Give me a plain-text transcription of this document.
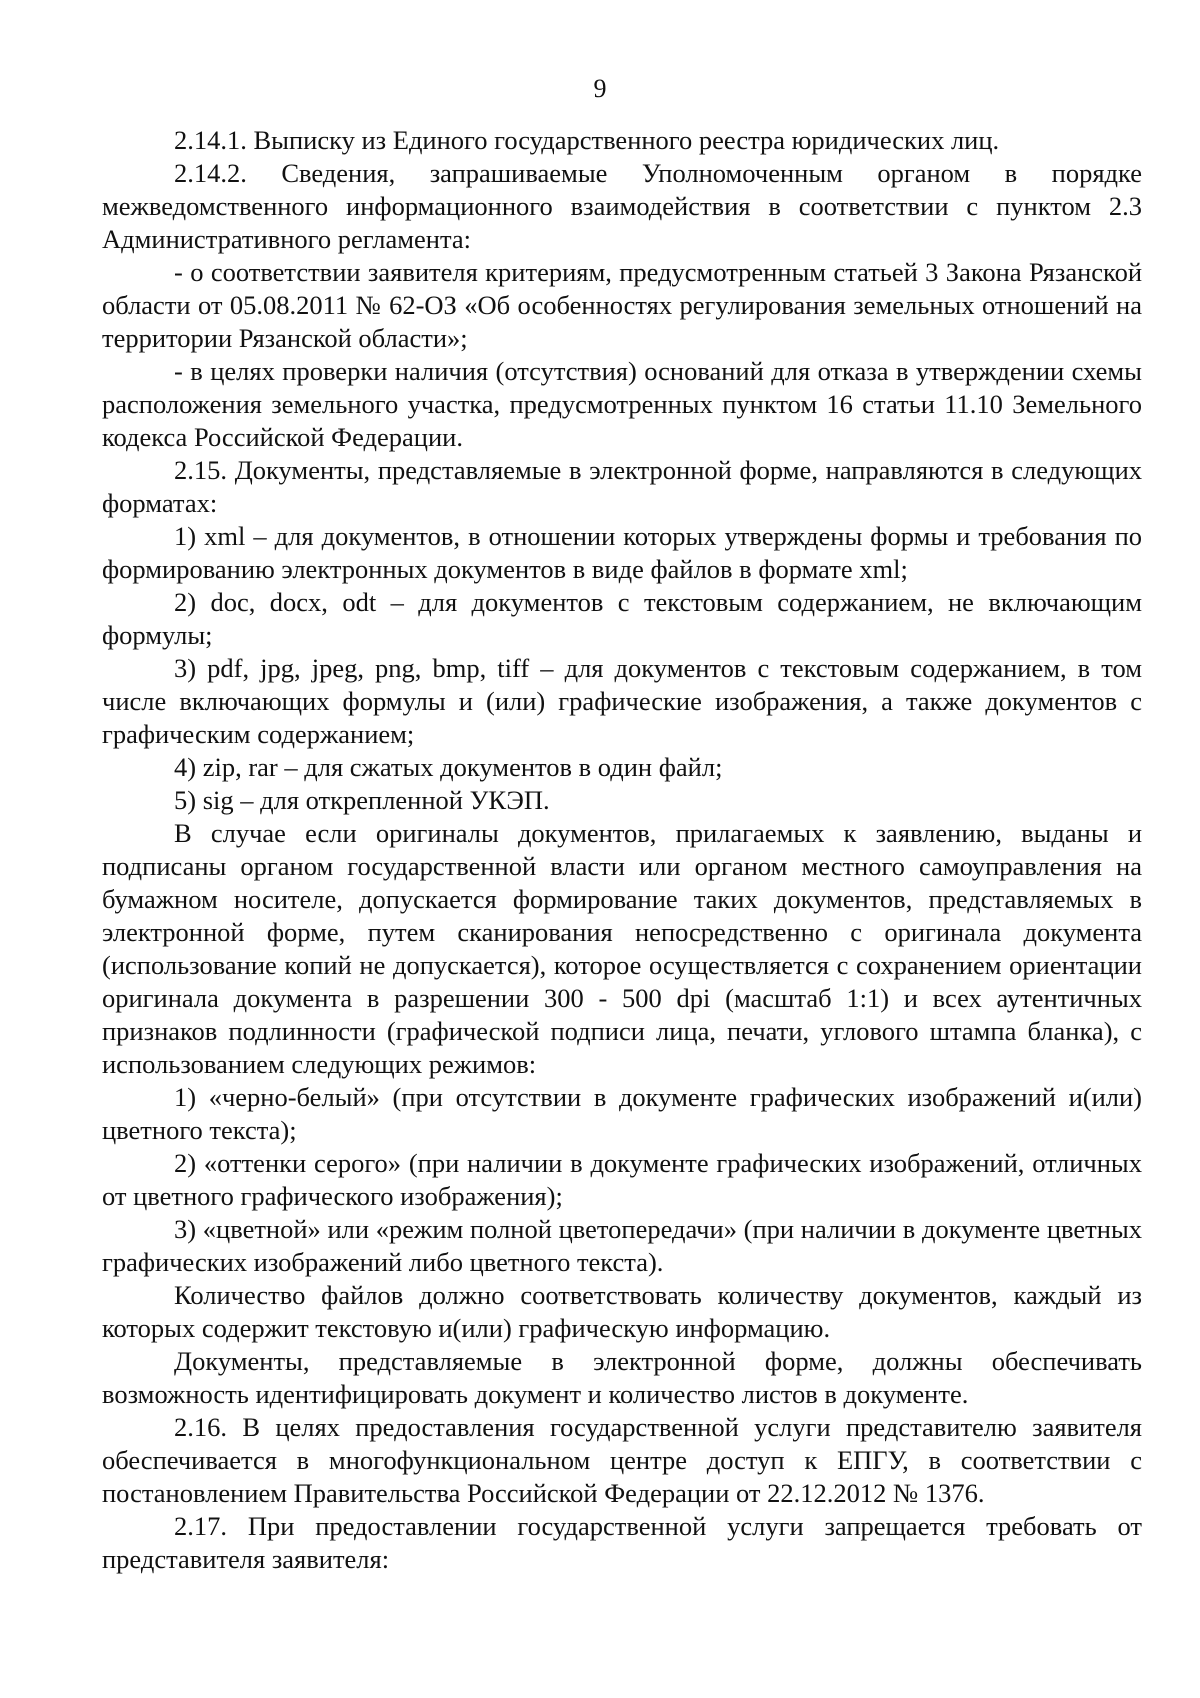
9

2.14.1. Выписку из Единого государственного реестра юридических лиц.

2.14.2. Сведения, запрашиваемые Уполномоченным органом в порядке межведомственного информационного взаимодействия в соответствии с пунктом 2.3 Административного регламента:

- о соответствии заявителя критериям, предусмотренным статьей 3 Закона Рязанской области от 05.08.2011 № 62-ОЗ «Об особенностях регулирования земельных отношений на территории Рязанской области»;

- в целях проверки наличия (отсутствия) оснований для отказа в утверждении схемы расположения земельного участка, предусмотренных пунктом 16 статьи 11.10 Земельного кодекса Российской Федерации.

2.15. Документы, представляемые в электронной форме, направляются в следующих форматах:

1) xml – для документов, в отношении которых утверждены формы и требования по формированию электронных документов в виде файлов в формате xml;

2) doc, docx, odt – для документов с текстовым содержанием, не включающим формулы;

3) pdf, jpg, jpeg, png, bmp, tiff – для документов с текстовым содержанием, в том числе включающих формулы и (или) графические изображения, а также документов с графическим содержанием;

4) zip, rar – для сжатых документов в один файл;

5) sig – для открепленной УКЭП.

В случае если оригиналы документов, прилагаемых к заявлению, выданы и подписаны органом государственной власти или органом местного самоуправления на бумажном носителе, допускается формирование таких документов, представляемых в электронной форме, путем сканирования непосредственно с оригинала документа (использование копий не допускается), которое осуществляется с сохранением ориентации оригинала документа в разрешении 300 - 500 dpi (масштаб 1:1) и всех аутентичных признаков подлинности (графической подписи лица, печати, углового штампа бланка), с использованием следующих режимов:

1) «черно-белый» (при отсутствии в документе графических изображений и(или) цветного текста);

2) «оттенки серого» (при наличии в документе графических изображений, отличных от цветного графического изображения);

3) «цветной» или «режим полной цветопередачи» (при наличии в документе цветных графических изображений либо цветного текста).

Количество файлов должно соответствовать количеству документов, каждый из которых содержит текстовую и(или) графическую информацию.

Документы, представляемые в электронной форме, должны обеспечивать возможность идентифицировать документ и количество листов в документе.

2.16. В целях предоставления государственной услуги представителю заявителя обеспечивается в многофункциональном центре доступ к ЕПГУ, в соответствии с постановлением Правительства Российской Федерации от 22.12.2012 № 1376.

2.17. При предоставлении государственной услуги запрещается требовать от представителя заявителя:
